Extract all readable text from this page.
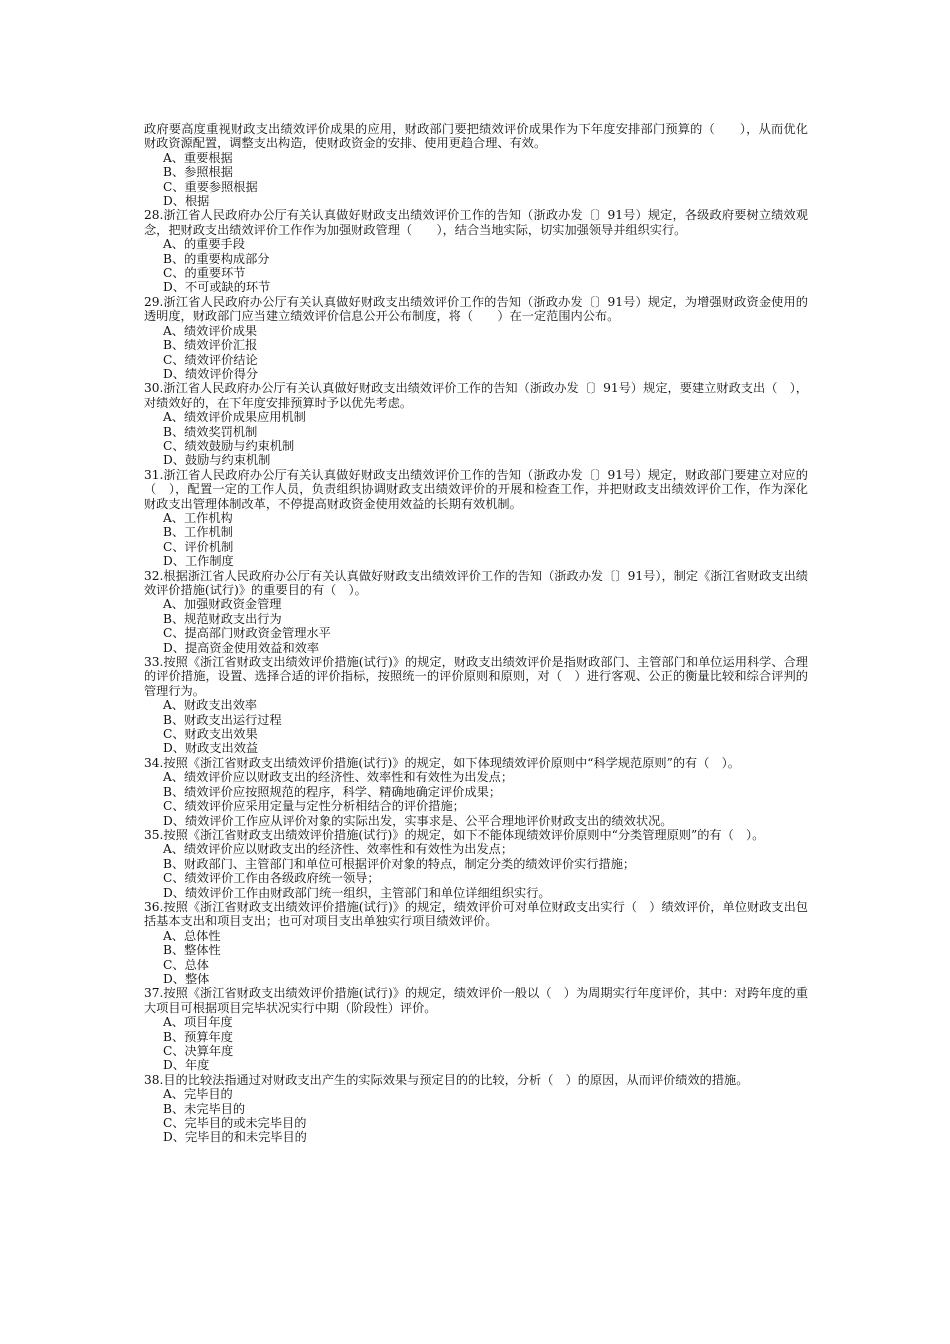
政府要高度重视财政支出绩效评价成果的应用，财政部门要把绩效评价成果作为下年度安排部门预算的（　　），从而优化财政资源配置，调整支出构造，使财政资金的安排、使用更趋合理、有效。

A、重要根据

B、参照根据

C、重要参照根据

D、根据

28.浙江省人民政府办公厅有关认真做好财政支出绩效评价工作的告知（浙政办发〔〕91号）规定，各级政府要树立绩效观念，把财政支出绩效评价工作作为加强财政管理（　　），结合当地实际，切实加强领导并组织实行。

A、的重要手段

B、的重要构成部分

C、的重要环节

D、不可或缺的环节

29.浙江省人民政府办公厅有关认真做好财政支出绩效评价工作的告知（浙政办发〔〕91号）规定，为增强财政资金使用的透明度，财政部门应当建立绩效评价信息公开公布制度，将（　　）在一定范围内公布。

A、绩效评价成果

B、绩效评价汇报

C、绩效评价结论

D、绩效评价得分

30.浙江省人民政府办公厅有关认真做好财政支出绩效评价工作的告知（浙政办发〔〕91号）规定，要建立财政支出（　），对绩效好的，在下年度安排预算时予以优先考虑。

A、绩效评价成果应用机制

B、绩效奖罚机制

C、绩效鼓励与约束机制

D、鼓励与约束机制

31.浙江省人民政府办公厅有关认真做好财政支出绩效评价工作的告知（浙政办发〔〕91号）规定，财政部门要建立对应的（　），配置一定的工作人员，负责组织协调财政支出绩效评价的开展和检查工作，并把财政支出绩效评价工作，作为深化财政支出管理体制改革，不停提高财政资金使用效益的长期有效机制。

A、工作机构

B、工作机制

C、评价机制

D、工作制度

32.根据浙江省人民政府办公厅有关认真做好财政支出绩效评价工作的告知（浙政办发〔〕91号），制定《浙江省财政支出绩效评价措施(试行)》的重要目的有（　）。

A、加强财政资金管理

B、规范财政支出行为

C、提高部门财政资金管理水平

D、提高资金使用效益和效率

33.按照《浙江省财政支出绩效评价措施(试行)》的规定，财政支出绩效评价是指财政部门、主管部门和单位运用科学、合理的评价措施，设置、选择合适的评价指标，按照统一的评价原则和原则，对（　）进行客观、公正的衡量比较和综合评判的管理行为。

A、财政支出效率

B、财政支出运行过程

C、财政支出效果

D、财政支出效益

34.按照《浙江省财政支出绩效评价措施(试行)》的规定，如下体现绩效评价原则中“科学规范原则”的有（　）。

A、绩效评价应以财政支出的经济性、效率性和有效性为出发点；

B、绩效评价应按照规范的程序，科学、精确地确定评价成果；

C、绩效评价应采用定量与定性分析相结合的评价措施；

D、绩效评价工作应从评价对象的实际出发，实事求是、公平合理地评价财政支出的绩效状况。

35.按照《浙江省财政支出绩效评价措施(试行)》的规定，如下不能体现绩效评价原则中“分类管理原则”的有（　）。

A、绩效评价应以财政支出的经济性、效率性和有效性为出发点；

B、财政部门、主管部门和单位可根据评价对象的特点，制定分类的绩效评价实行措施；

C、绩效评价工作由各级政府统一领导；

D、绩效评价工作由财政部门统一组织，主管部门和单位详细组织实行。

36.按照《浙江省财政支出绩效评价措施(试行)》的规定，绩效评价可对单位财政支出实行（　）绩效评价，单位财政支出包括基本支出和项目支出；也可对项目支出单独实行项目绩效评价。

A、总体性

B、整体性

C、总体

D、整体

37.按照《浙江省财政支出绩效评价措施(试行)》的规定，绩效评价一般以（　）为周期实行年度评价，其中：对跨年度的重大项目可根据项目完毕状况实行中期（阶段性）评价。

A、项目年度

B、预算年度

C、决算年度

D、年度

38.目的比较法指通过对财政支出产生的实际效果与预定目的的比较，分析（　）的原因，从而评价绩效的措施。

A、完毕目的

B、未完毕目的

C、完毕目的或未完毕目的

D、完毕目的和未完毕目的
